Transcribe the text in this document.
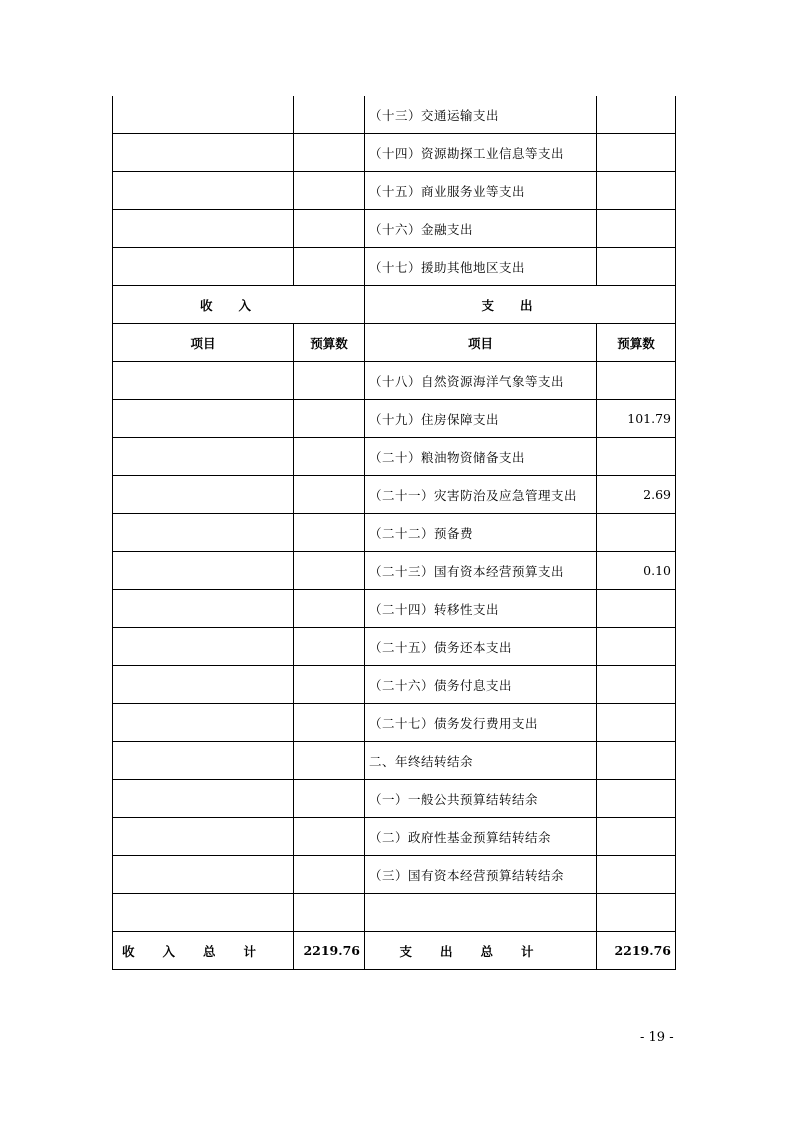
		（十三）交通运输支出	
		（十四）资源勘探工业信息等支出	
		（十五）商业服务业等支出	
		（十六）金融支出	
		（十七）援助其他地区支出	
收入		支出	
项目	预算数	项目	预算数
		（十八）自然资源海洋气象等支出	
		（十九）住房保障支出	101.79
		（二十）粮油物资储备支出	
		（二十一）灾害防治及应急管理支出	2.69
		（二十二）预备费	
		（二十三）国有资本经营预算支出	0.10
		（二十四）转移性支出	
		（二十五）债务还本支出	
		（二十六）债务付息支出	
		（二十七）债务发行费用支出	
		二、年终结转结余	
		（一）一般公共预算结转结余	
		（二）政府性基金预算结转结余	
		（三）国有资本经营预算结转结余	

收入总计	2219.76	支出总计	2219.76
- 19 -
